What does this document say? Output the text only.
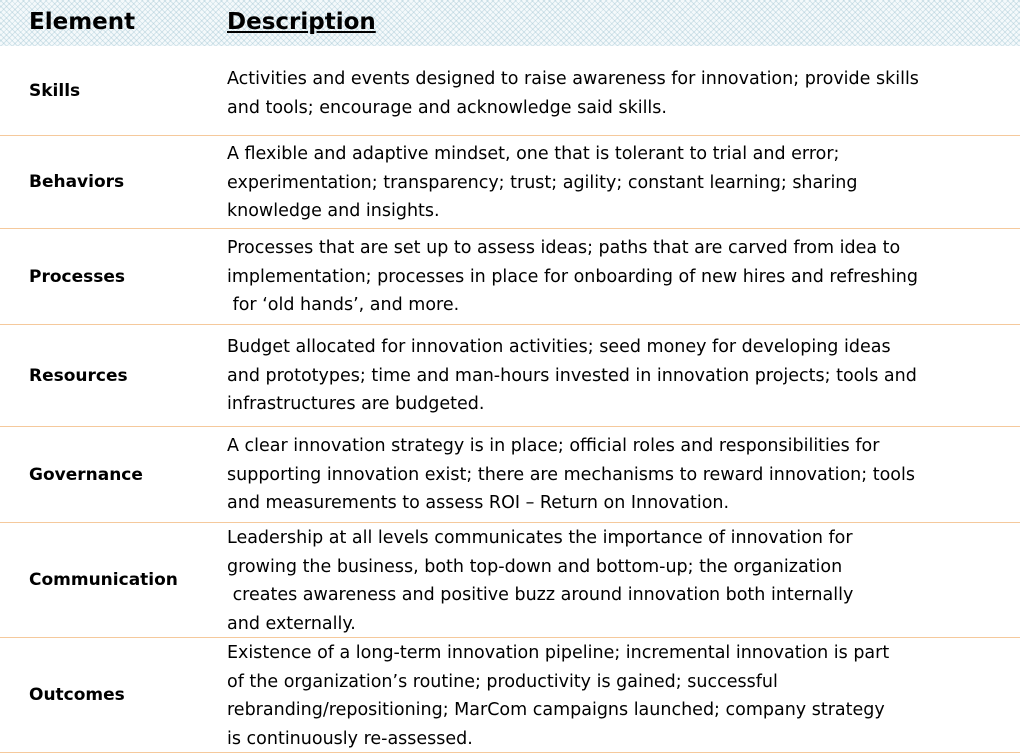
Element	Description
Skills
Activities and events designed to raise awareness for innovation; provide skills
and tools; encourage and acknowledge said skills.
Behaviors
A flexible and adaptive mindset, one that is tolerant to trial and error;
experimentation; transparency; trust; agility; constant learning; sharing
knowledge and insights.
Processes
Processes that are set up to assess ideas; paths that are carved from idea to
implementation; processes in place for onboarding of new hires and refreshing
for ‘old hands’, and more.
Resources
Budget allocated for innovation activities; seed money for developing ideas
and prototypes; time and man-hours invested in innovation projects; tools and
infrastructures are budgeted.
Governance
A clear innovation strategy is in place; official roles and responsibilities for
supporting innovation exist; there are mechanisms to reward innovation; tools
and measurements to assess ROI – Return on Innovation.
Communication
Leadership at all levels communicates the importance of innovation for
growing the business, both top-down and bottom-up; the organization
creates awareness and positive buzz around innovation both internally
and externally.
Outcomes
Existence of a long-term innovation pipeline; incremental innovation is part
of the organization’s routine; productivity is gained; successful
rebranding/repositioning; MarCom campaigns launched; company strategy
is continuously re-assessed.
